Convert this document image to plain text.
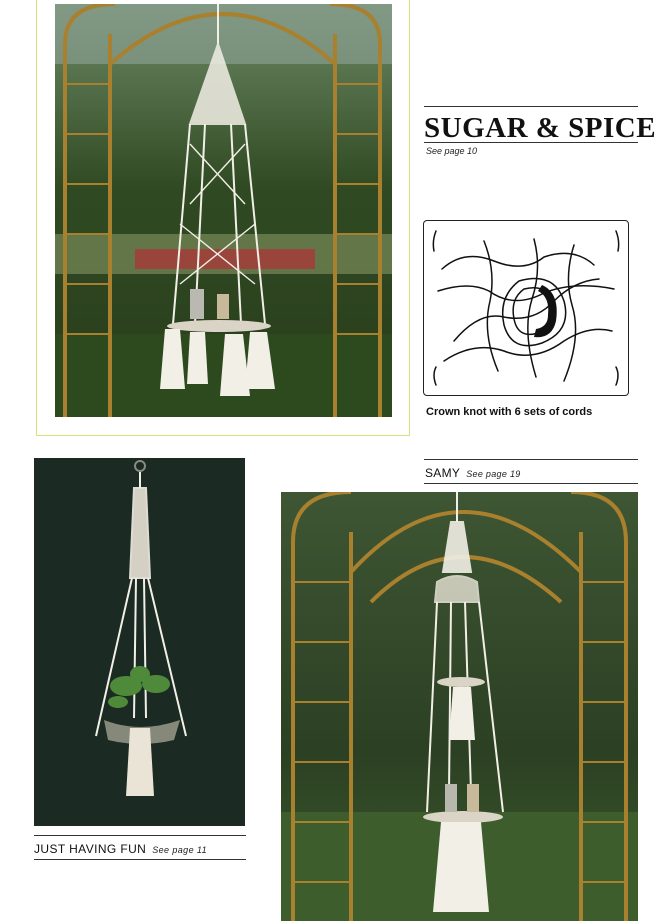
SUGAR & SPICE
See page 10
Crown knot with 6 sets of cords
SAMY See page 19
JUST HAVING FUN See page 11
